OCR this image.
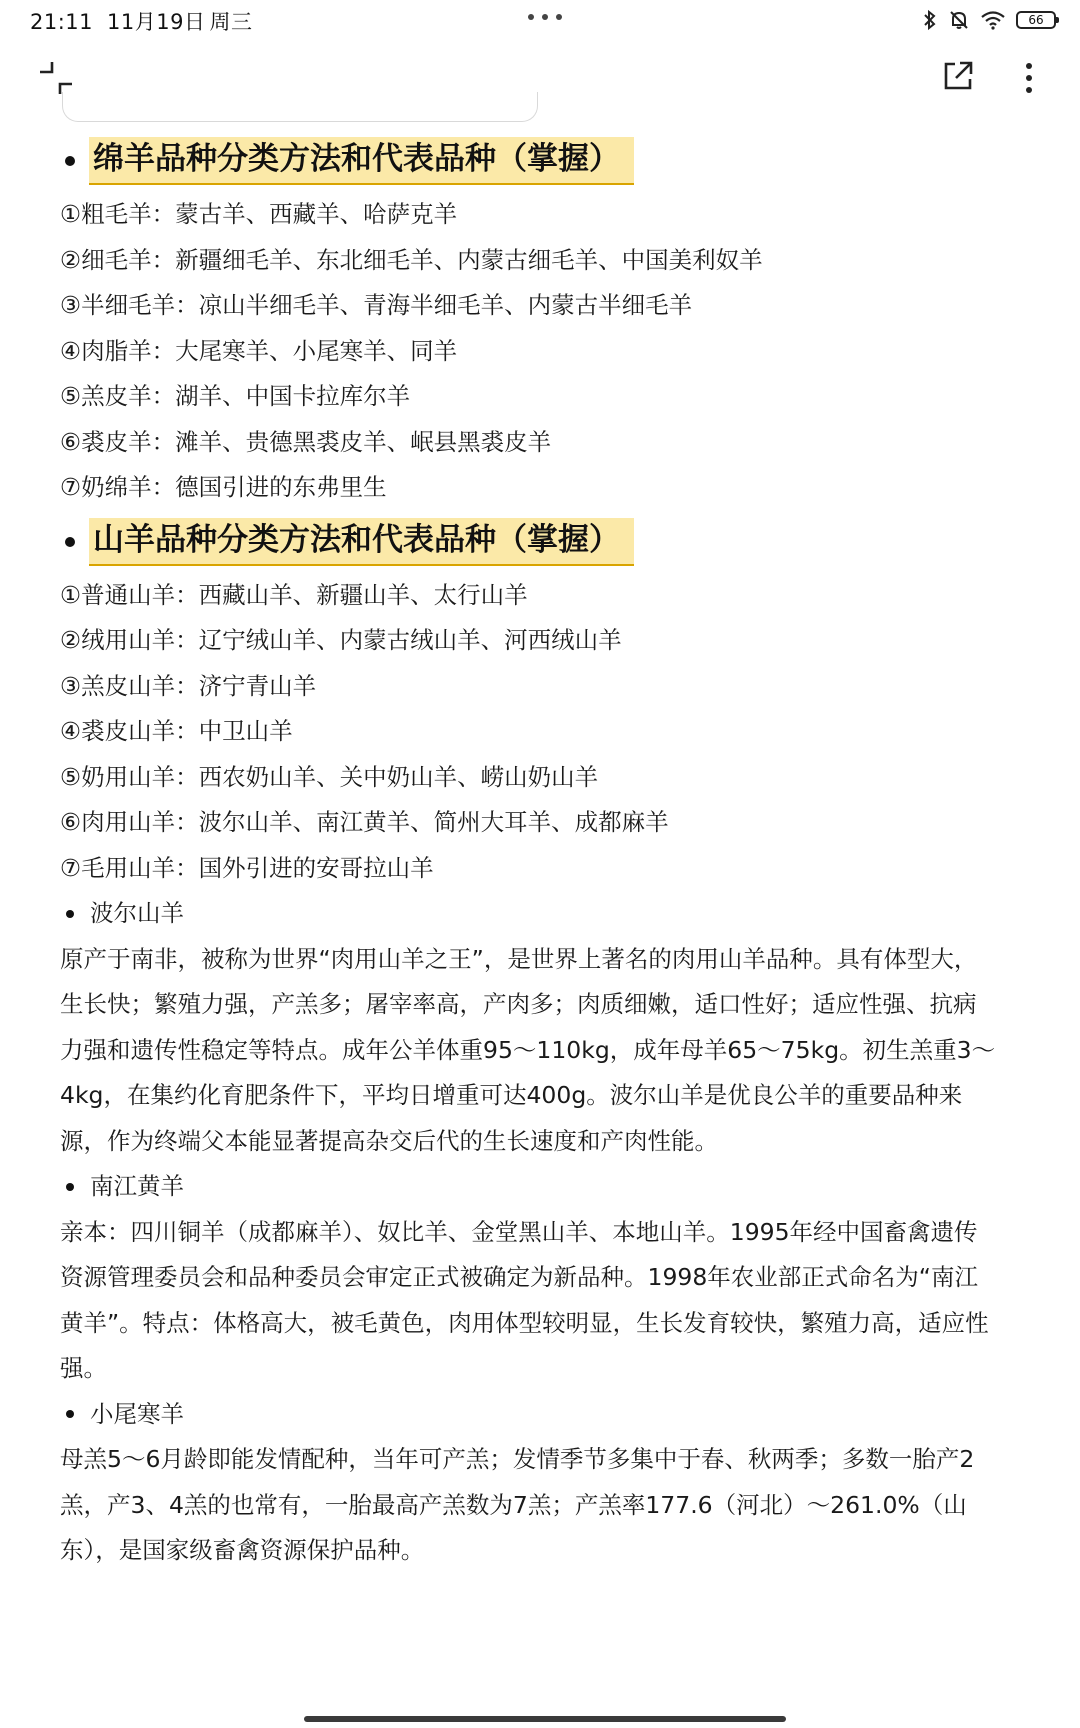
21:11 11月19日 周三	66
绵羊品种分类方法和代表品种（掌握）
①粗毛羊：蒙古羊、西藏羊、哈萨克羊
②细毛羊：新疆细毛羊、东北细毛羊、内蒙古细毛羊、中国美利奴羊
③半细毛羊：凉山半细毛羊、青海半细毛羊、内蒙古半细毛羊
④肉脂羊：大尾寒羊、小尾寒羊、同羊
⑤羔皮羊：湖羊、中国卡拉库尔羊
⑥裘皮羊：滩羊、贵德黑裘皮羊、岷县黑裘皮羊
⑦奶绵羊：德国引进的东弗里生
山羊品种分类方法和代表品种（掌握）
①普通山羊：西藏山羊、新疆山羊、太行山羊
②绒用山羊：辽宁绒山羊、内蒙古绒山羊、河西绒山羊
③羔皮山羊：济宁青山羊
④裘皮山羊：中卫山羊
⑤奶用山羊：西农奶山羊、关中奶山羊、崂山奶山羊
⑥肉用山羊：波尔山羊、南江黄羊、简州大耳羊、成都麻羊
⑦毛用山羊：国外引进的安哥拉山羊
波尔山羊
原产于南非，被称为世界“肉用山羊之王”，是世界上著名的肉用山羊品种。具有体型大，
生长快；繁殖力强，产羔多；屠宰率高，产肉多；肉质细嫩，适口性好；适应性强、抗病
力强和遗传性稳定等特点。成年公羊体重95～110kg，成年母羊65～75kg。初生羔重3～
4kg，在集约化育肥条件下，平均日增重可达400g。波尔山羊是优良公羊的重要品种来
源，作为终端父本能显著提高杂交后代的生长速度和产肉性能。
南江黄羊
亲本：四川铜羊（成都麻羊）、奴比羊、金堂黑山羊、本地山羊。1995年经中国畜禽遗传
资源管理委员会和品种委员会审定正式被确定为新品种。1998年农业部正式命名为“南江
黄羊”。特点：体格高大，被毛黄色，肉用体型较明显，生长发育较快，繁殖力高，适应性
强。
小尾寒羊
母羔5～6月龄即能发情配种，当年可产羔；发情季节多集中于春、秋两季；多数一胎产2
羔，产3、4羔的也常有，一胎最高产羔数为7羔；产羔率177.6（河北）～261.0%（山
东），是国家级畜禽资源保护品种。
